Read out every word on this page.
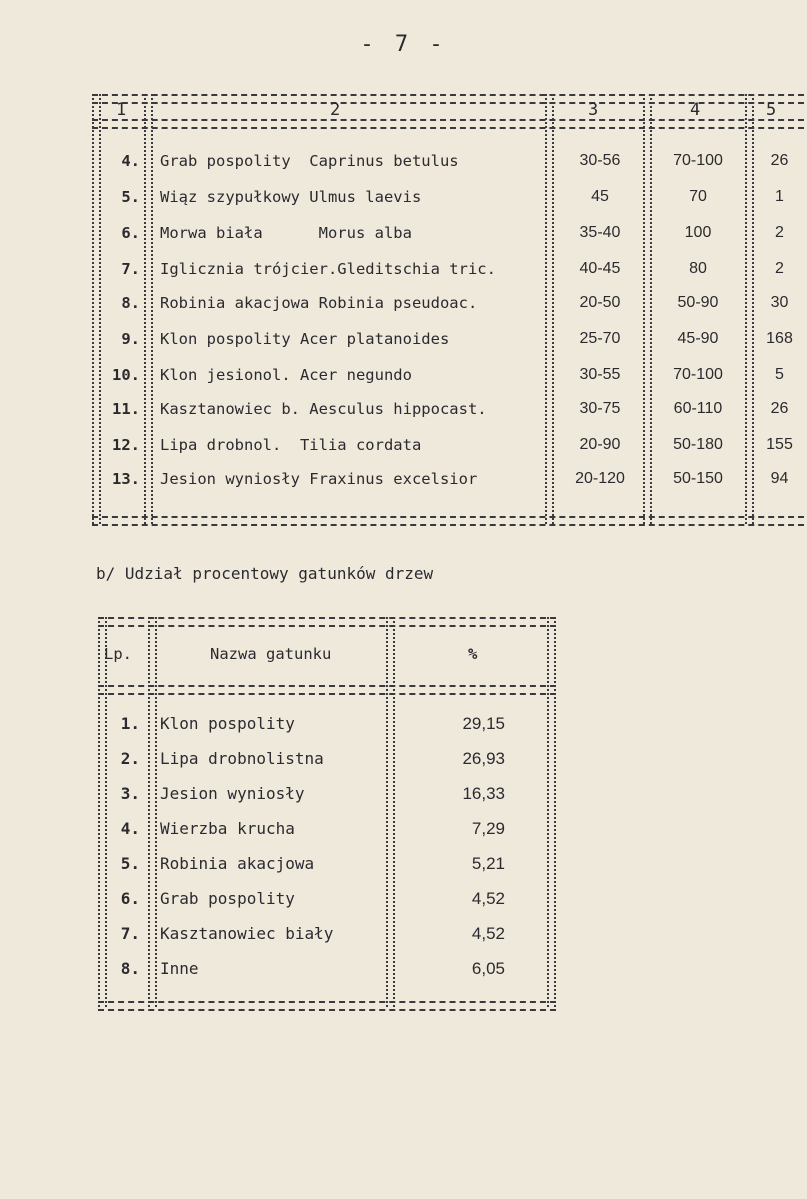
- 7 -
1	2	3	4	5
4. Grab pospolity  Caprinus betulus	30-56	70-100	26
5. Wiąz szypułkowy Ulmus laevis	45	70	1
6. Morwa biała      Morus alba	35-40	100	2
7. Iglicznia trójcier.Gleditschia tric.	40-45	80	2
8. Robinia akacjowa Robinia pseudoac.	20-50	50-90	30
9. Klon pospolity Acer platanoides	25-70	45-90	168
10. Klon jesionol. Acer negundo	30-55	70-100	5
11. Kasztanowiec b. Aesculus hippocast.	30-75	60-110	26
12. Lipa drobnol.  Tilia cordata	20-90	50-180	155
13. Jesion wyniosły Fraxinus excelsior	20-120	50-150	94
b/ Udział procentowy gatunków drzew
Lp.	Nazwa gatunku	%
1. Klon pospolity	29,15
2. Lipa drobnolistna	26,93
3. Jesion wyniosły	16,33
4. Wierzba krucha	7,29
5. Robinia akacjowa	5,21
6. Grab pospolity	4,52
7. Kasztanowiec biały	4,52
8. Inne	6,05
